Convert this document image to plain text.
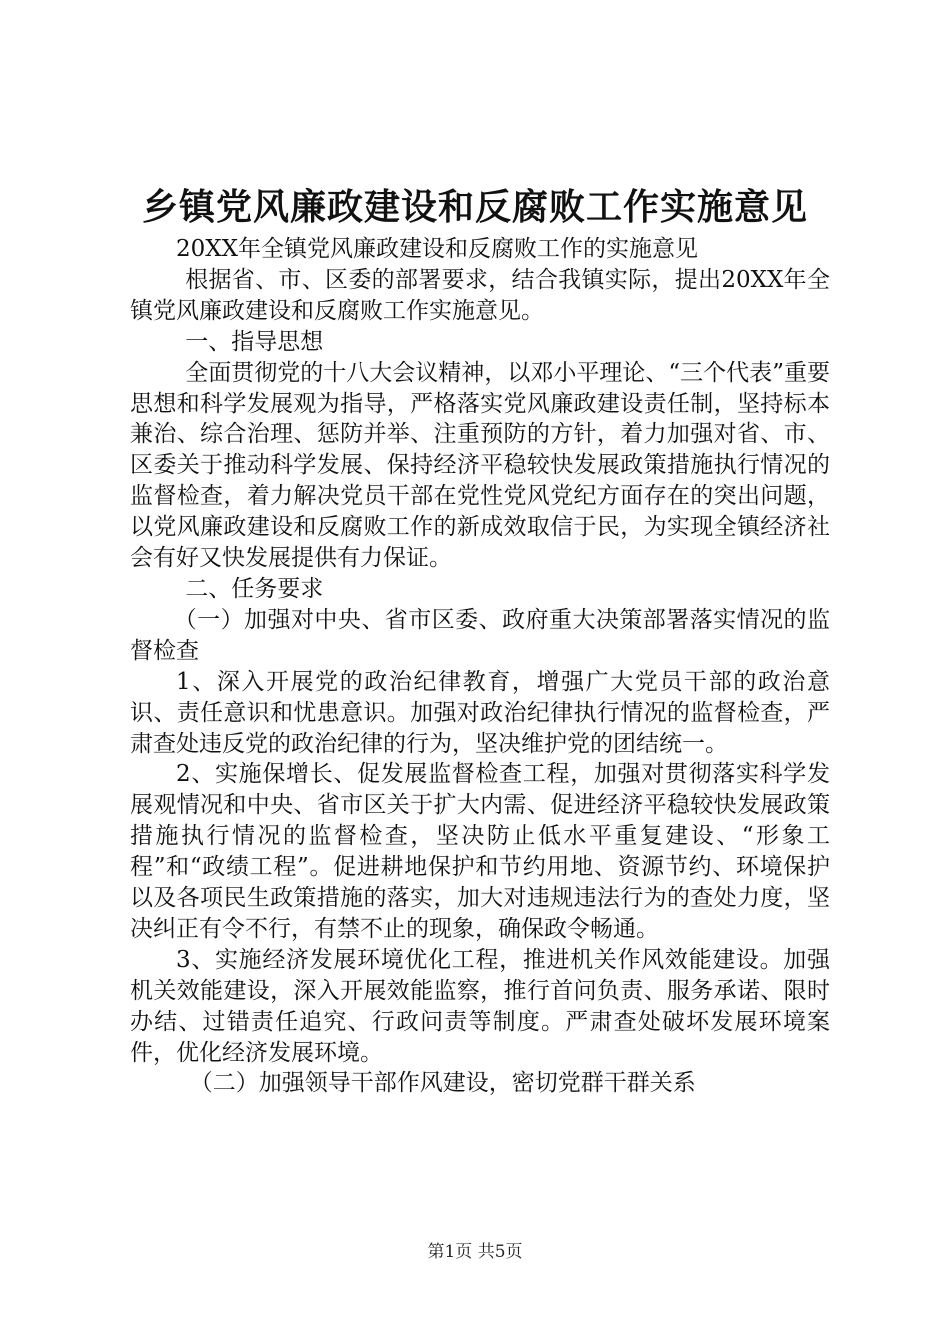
乡镇党风廉政建设和反腐败工作实施意见

20XX年全镇党风廉政建设和反腐败工作的实施意见

根据省、市、区委的部署要求，结合我镇实际，提出20XX年全镇党风廉政建设和反腐败工作实施意见。

一、指导思想

全面贯彻党的十八大会议精神，以邓小平理论、“三个代表”重要思想和科学发展观为指导，严格落实党风廉政建设责任制，坚持标本兼治、综合治理、惩防并举、注重预防的方针，着力加强对省、市、区委关于推动科学发展、保持经济平稳较快发展政策措施执行情况的监督检查，着力解决党员干部在党性党风党纪方面存在的突出问题，以党风廉政建设和反腐败工作的新成效取信于民，为实现全镇经济社会有好又快发展提供有力保证。

二、任务要求

（一）加强对中央、省市区委、政府重大决策部署落实情况的监督检查

1、深入开展党的政治纪律教育，增强广大党员干部的政治意识、责任意识和忧患意识。加强对政治纪律执行情况的监督检查，严肃查处违反党的政治纪律的行为，坚决维护党的团结统一。

2、实施保增长、促发展监督检查工程，加强对贯彻落实科学发展观情况和中央、省市区关于扩大内需、促进经济平稳较快发展政策措施执行情况的监督检查，坚决防止低水平重复建设、“形象工程”和“政绩工程”。促进耕地保护和节约用地、资源节约、环境保护以及各项民生政策措施的落实，加大对违规违法行为的查处力度，坚决纠正有令不行，有禁不止的现象，确保政令畅通。

3、实施经济发展环境优化工程，推进机关作风效能建设。加强机关效能建设，深入开展效能监察，推行首问负责、服务承诺、限时办结、过错责任追究、行政问责等制度。严肃查处破坏发展环境案件，优化经济发展环境。

（二）加强领导干部作风建设，密切党群干群关系

第1页 共5页
